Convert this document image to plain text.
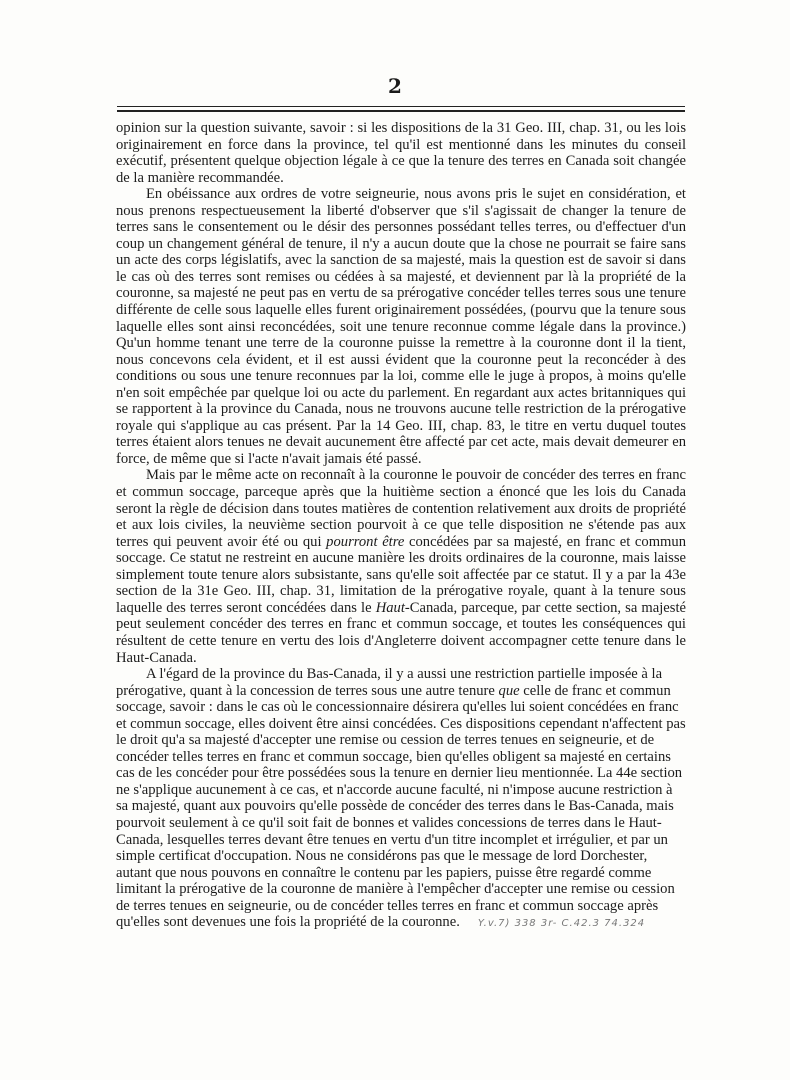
2

opinion sur la question suivante, savoir : si les dispositions de la 31 Geo. III, chap. 31, ou les lois originairement en force dans la province, tel qu'il est mentionné dans les minutes du conseil exécutif, présentent quelque objection légale à ce que la tenure des terres en Canada soit changée de la manière recommandée.

En obéissance aux ordres de votre seigneurie, nous avons pris le sujet en considération, et nous prenons respectueusement la liberté d'observer que s'il s'agissait de changer la tenure de terres sans le consentement ou le désir des personnes possédant telles terres, ou d'effectuer d'un coup un changement général de tenure, il n'y a aucun doute que la chose ne pourrait se faire sans un acte des corps législatifs, avec la sanction de sa majesté, mais la question est de savoir si dans le cas où des terres sont remises ou cédées à sa majesté, et deviennent par là la propriété de la couronne, sa majesté ne peut pas en vertu de sa prérogative concéder telles terres sous une tenure différente de celle sous laquelle elles furent originairement possédées, (pourvu que la tenure sous laquelle elles sont ainsi reconcédées, soit une tenure reconnue comme légale dans la province.) Qu'un homme tenant une terre de la couronne puisse la remettre à la couronne dont il la tient, nous concevons cela évident, et il est aussi évident que la couronne peut la reconcéder à des conditions ou sous une tenure reconnues par la loi, comme elle le juge à propos, à moins qu'elle n'en soit empêchée par quelque loi ou acte du parlement. En regardant aux actes britanniques qui se rapportent à la province du Canada, nous ne trouvons aucune telle restriction de la prérogative royale qui s'applique au cas présent. Par la 14 Geo. III, chap. 83, le titre en vertu duquel toutes terres étaient alors tenues ne devait aucunement être affecté par cet acte, mais devait demeurer en force, de même que si l'acte n'avait jamais été passé.

Mais par le même acte on reconnaît à la couronne le pouvoir de concéder des terres en franc et commun soccage, parceque après que la huitième section a énoncé que les lois du Canada seront la règle de décision dans toutes matières de contention relativement aux droits de propriété et aux lois civiles, la neuvième section pourvoit à ce que telle disposition ne s'étende pas aux terres qui peuvent avoir été ou qui pourront être concédées par sa majesté, en franc et commun soccage. Ce statut ne restreint en aucune manière les droits ordinaires de la couronne, mais laisse simplement toute tenure alors subsistante, sans qu'elle soit affectée par ce statut. Il y a par la 43e section de la 31e Geo. III, chap. 31, limitation de la prérogative royale, quant à la tenure sous laquelle des terres seront concédées dans le Haut-Canada, parceque, par cette section, sa majesté peut seulement concéder des terres en franc et commun soccage, et toutes les conséquences qui résultent de cette tenure en vertu des lois d'Angleterre doivent accompagner cette tenure dans le Haut-Canada.

A l'égard de la province du Bas-Canada, il y a aussi une restriction partielle imposée à la prérogative, quant à la concession de terres sous une autre tenure que celle de franc et commun soccage, savoir : dans le cas où le concessionnaire désirera qu'elles lui soient concédées en franc et commun soccage, elles doivent être ainsi concédées. Ces dispositions cependant n'affectent pas le droit qu'a sa majesté d'accepter une remise ou cession de terres tenues en seigneurie, et de concéder telles terres en franc et commun soccage, bien qu'elles obligent sa majesté en certains cas de les concéder pour être possédées sous la tenure en dernier lieu mentionnée. La 44e section ne s'applique aucunement à ce cas, et n'accorde aucune faculté, ni n'impose aucune restriction à sa majesté, quant aux pouvoirs qu'elle possède de concéder des terres dans le Bas-Canada, mais pourvoit seulement à ce qu'il soit fait de bonnes et valides concessions de terres dans le Haut-Canada, lesquelles terres devant être tenues en vertu d'un titre incomplet et irrégulier, et par un simple certificat d'occupation. Nous ne considérons pas que le message de lord Dorchester, autant que nous pouvons en connaître le contenu par les papiers, puisse être regardé comme limitant la prérogative de la couronne de manière à l'empêcher d'accepter une remise ou cession de terres tenues en seigneurie, ou de concéder telles terres en franc et commun soccage après qu'elles sont devenues une fois la propriété de la couronne. Y.v.7) 338 3r- C.42.3 74.324
